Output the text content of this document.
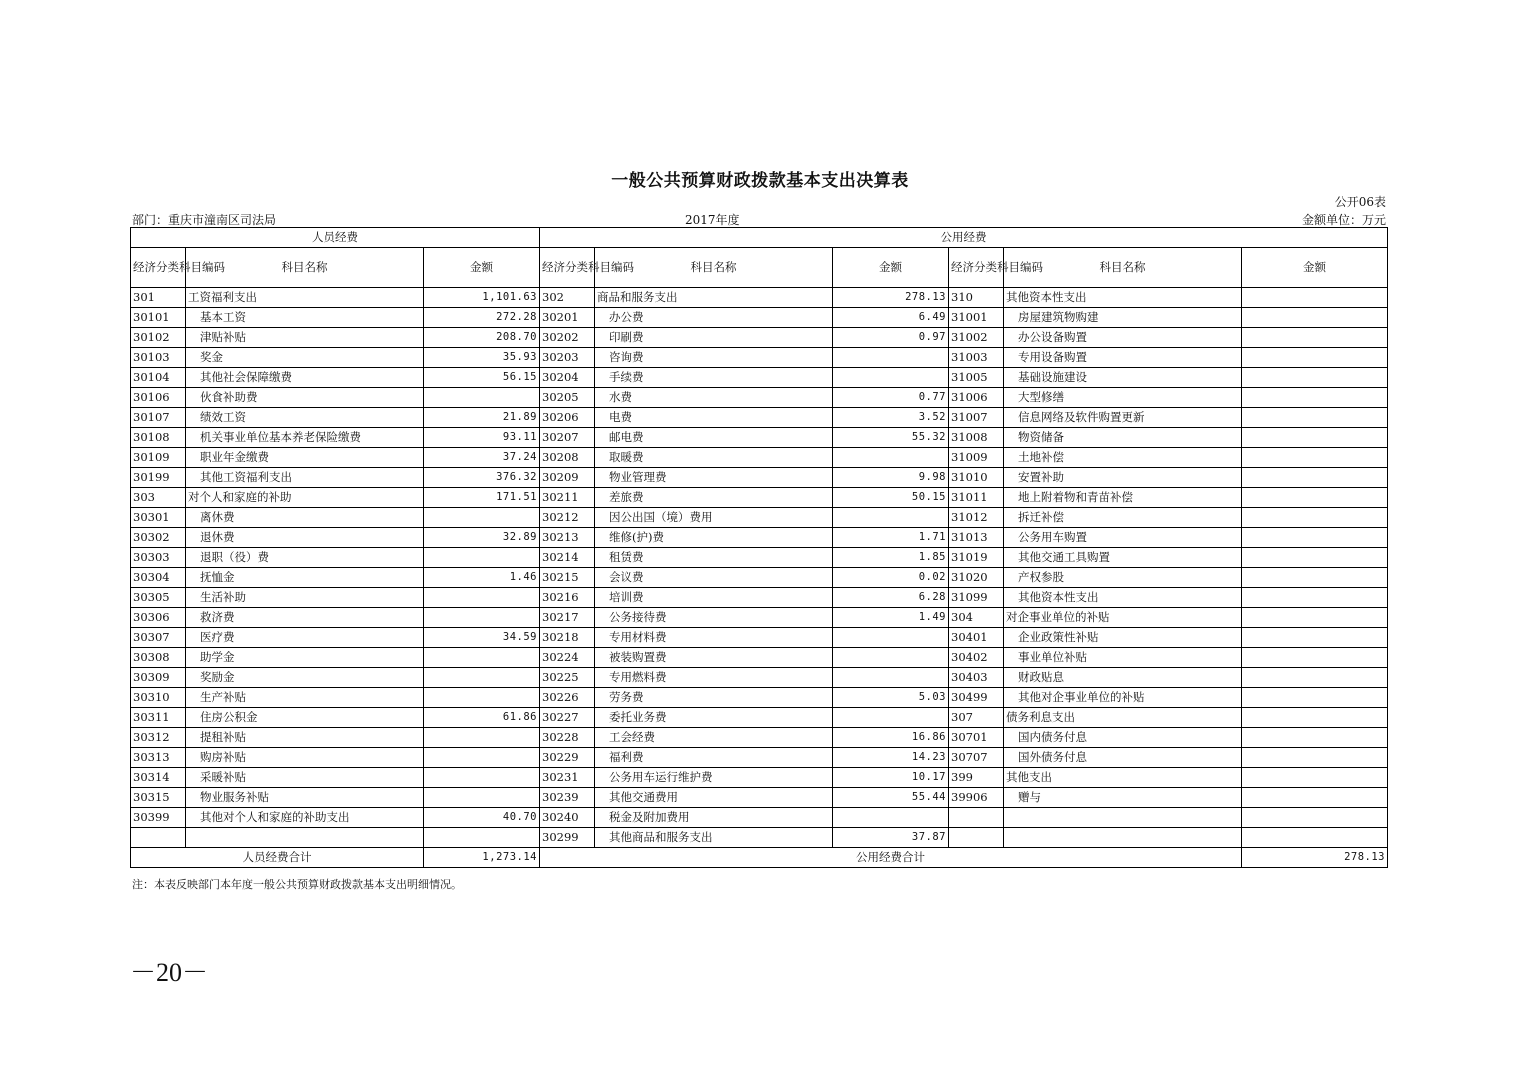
一般公共预算财政拨款基本支出决算表
公开06表
部门：重庆市潼南区司法局	2017年度	金额单位：万元
人员经费			公用经费					
经济分类科目编码	科目名称	金额	经济分类科目编码	科目名称	金额	经济分类科目编码	科目名称	金额
301	工资福利支出	1,101.63	302	商品和服务支出	278.13	310	其他资本性支出	
30101	基本工资	272.28	30201	办公费	6.49	31001	房屋建筑物购建	
30102	津贴补贴	208.70	30202	印刷费	0.97	31002	办公设备购置	
30103	奖金	35.93	30203	咨询费		31003	专用设备购置	
30104	其他社会保障缴费	56.15	30204	手续费		31005	基础设施建设	
30106	伙食补助费		30205	水费	0.77	31006	大型修缮	
30107	绩效工资	21.89	30206	电费	3.52	31007	信息网络及软件购置更新	
30108	机关事业单位基本养老保险缴费	93.11	30207	邮电费	55.32	31008	物资储备	
30109	职业年金缴费	37.24	30208	取暖费		31009	土地补偿	
30199	其他工资福利支出	376.32	30209	物业管理费	9.98	31010	安置补助	
303	对个人和家庭的补助	171.51	30211	差旅费	50.15	31011	地上附着物和青苗补偿	
30301	离休费		30212	因公出国（境）费用		31012	拆迁补偿	
30302	退休费	32.89	30213	维修(护)费	1.71	31013	公务用车购置	
30303	退职（役）费		30214	租赁费	1.85	31019	其他交通工具购置	
30304	抚恤金	1.46	30215	会议费	0.02	31020	产权参股	
30305	生活补助		30216	培训费	6.28	31099	其他资本性支出	
30306	救济费		30217	公务接待费	1.49	304	对企事业单位的补贴	
30307	医疗费	34.59	30218	专用材料费		30401	企业政策性补贴	
30308	助学金		30224	被装购置费		30402	事业单位补贴	
30309	奖励金		30225	专用燃料费		30403	财政贴息	
30310	生产补贴		30226	劳务费	5.03	30499	其他对企事业单位的补贴	
30311	住房公积金	61.86	30227	委托业务费		307	债务利息支出	
30312	提租补贴		30228	工会经费	16.86	30701	国内债务付息	
30313	购房补贴		30229	福利费	14.23	30707	国外债务付息	
30314	采暖补贴		30231	公务用车运行维护费	10.17	399	其他支出	
30315	物业服务补贴		30239	其他交通费用	55.44	39906	赠与	
30399	其他对个人和家庭的补助支出	40.70	30240	税金及附加费用				
			30299	其他商品和服务支出	37.87			
人员经费合计		1,273.14	公用经费合计					278.13
注：本表反映部门本年度一般公共预算财政拨款基本支出明细情况。
－20－
